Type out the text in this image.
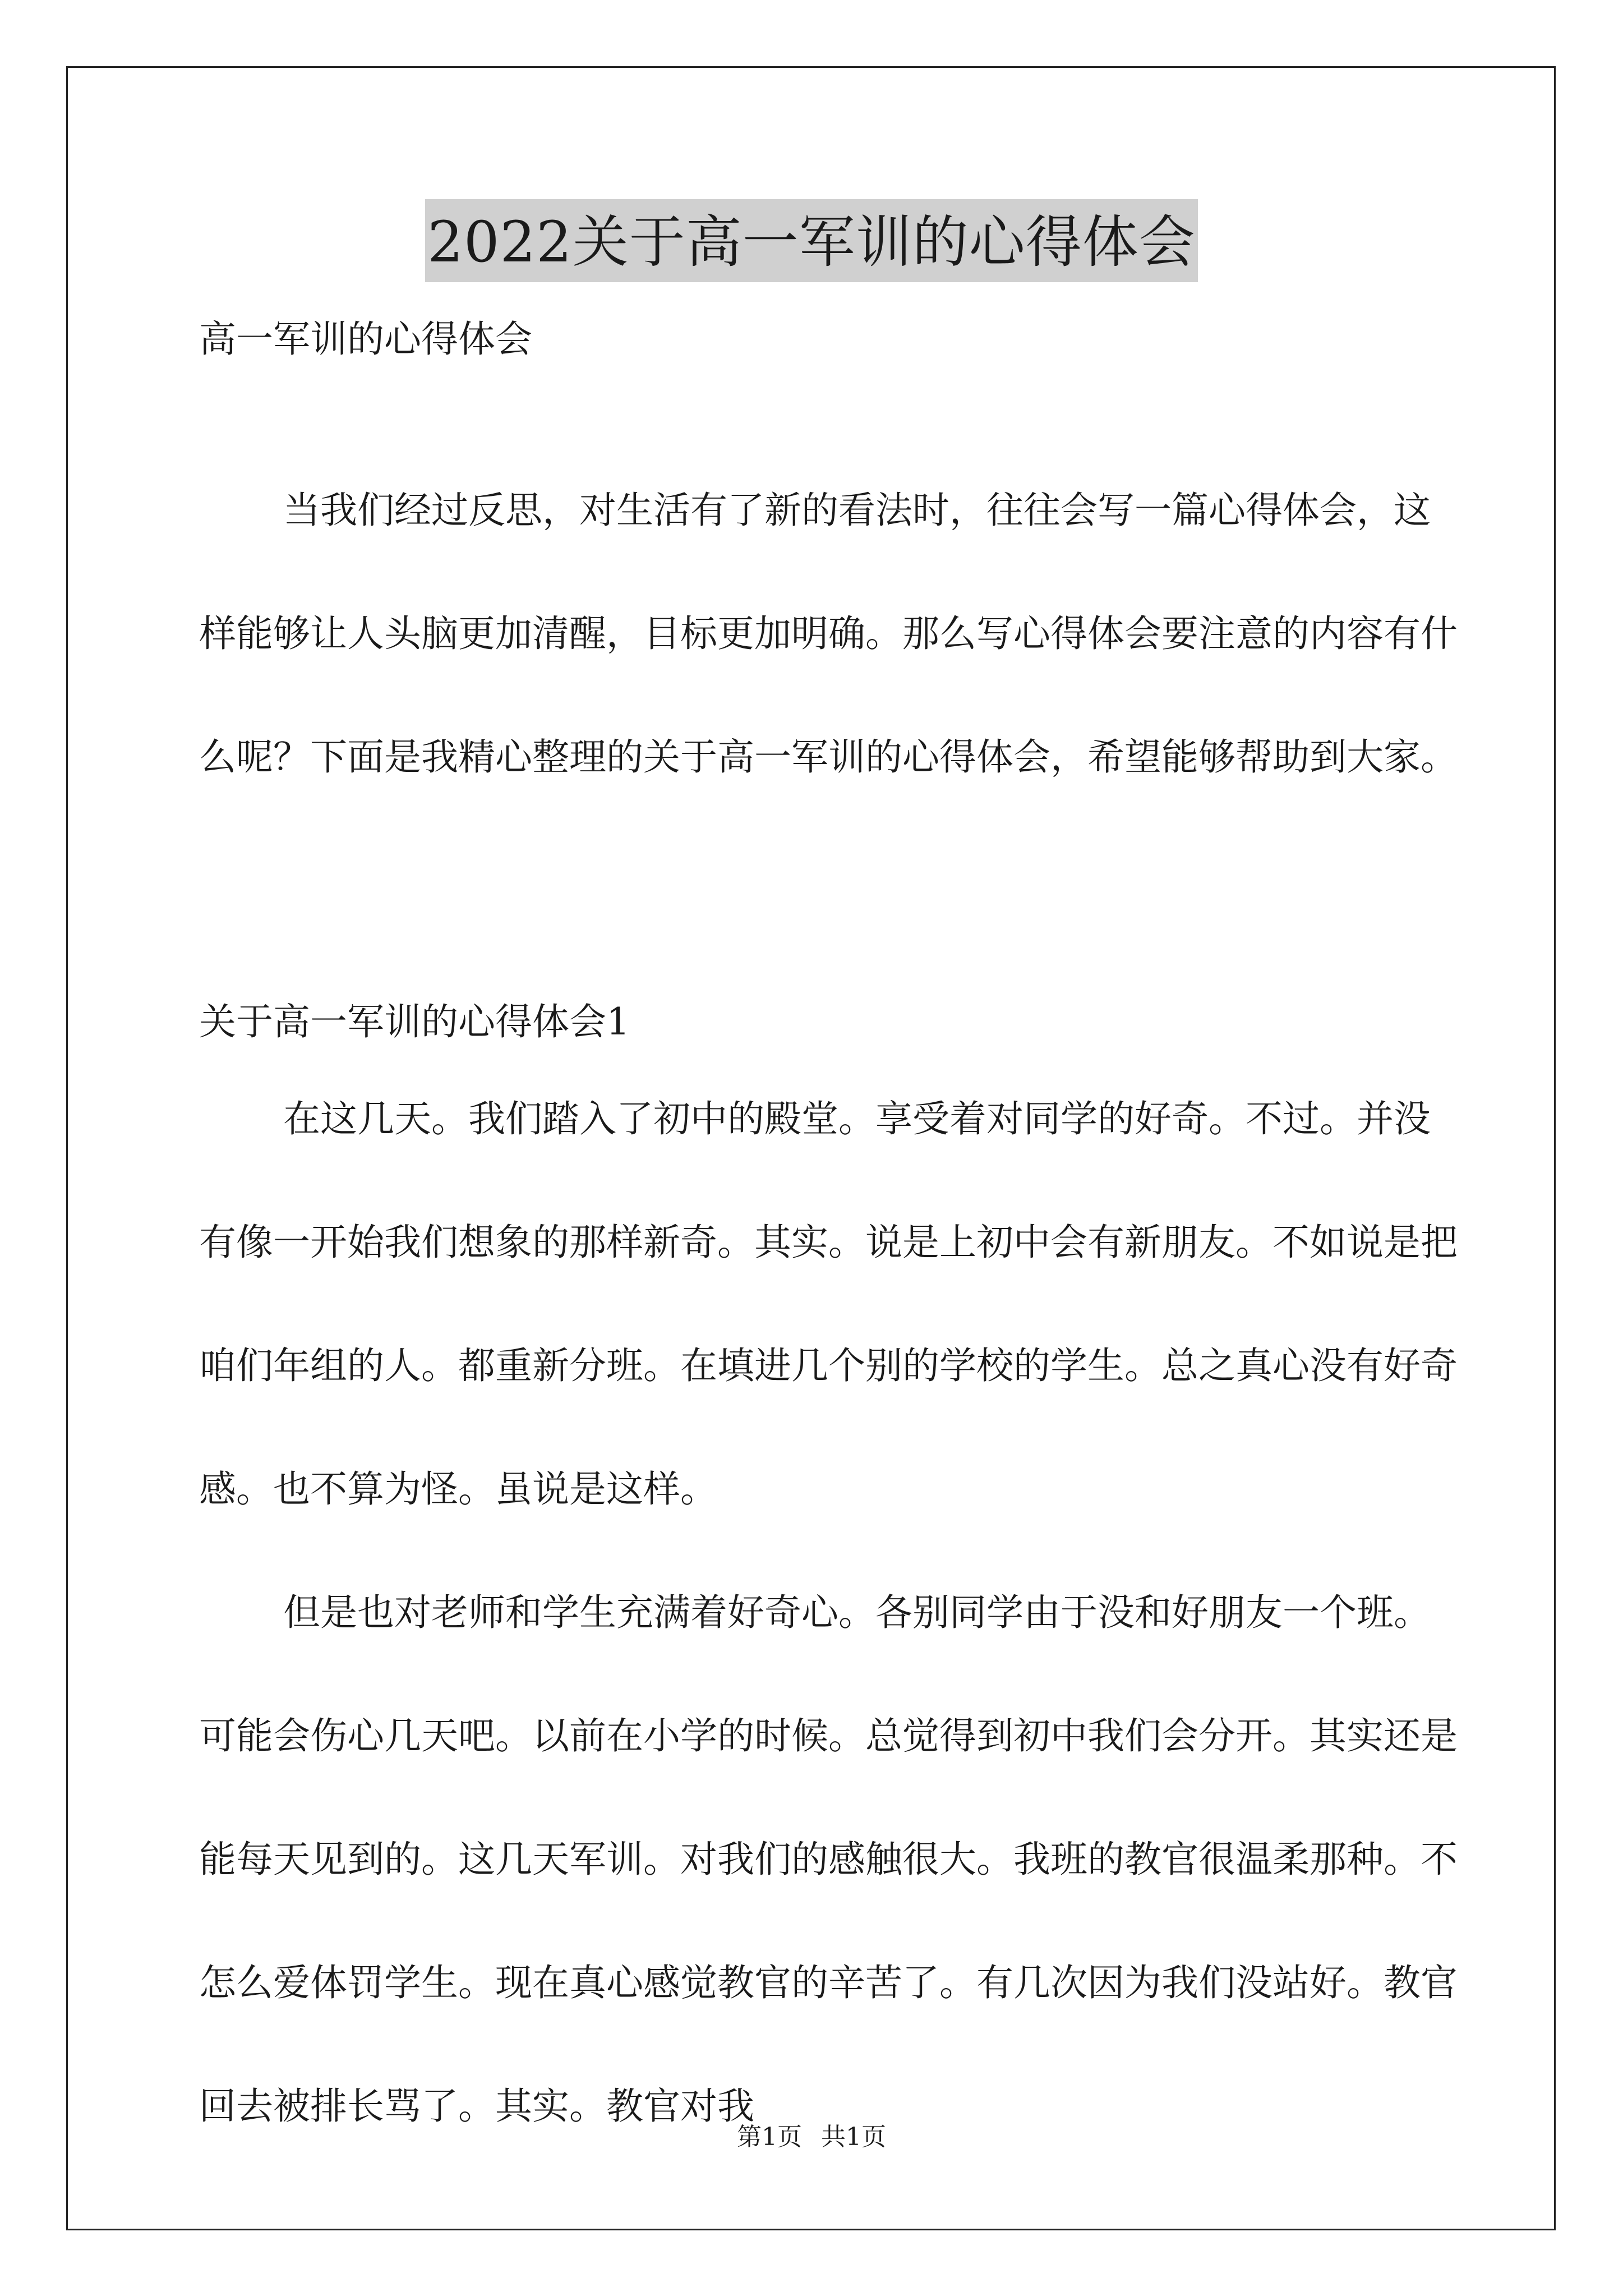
2022关于高一军训的心得体会
高一军训的心得体会

当我们经过反思，对生活有了新的看法时，往往会写一篇心得体会，这样能够让人头脑更加清醒，目标更加明确。那么写心得体会要注意的内容有什么呢？下面是我精心整理的关于高一军训的心得体会，希望能够帮助到大家。

关于高一军训的心得体会1

在这几天。我们踏入了初中的殿堂。享受着对同学的好奇。不过。并没有像一开始我们想象的那样新奇。其实。说是上初中会有新朋友。不如说是把咱们年组的人。都重新分班。在填进几个别的学校的学生。总之真心没有好奇感。也不算为怪。虽说是这样。

但是也对老师和学生充满着好奇心。各别同学由于没和好朋友一个班。可能会伤心几天吧。以前在小学的时候。总觉得到初中我们会分开。其实还是能每天见到的。这几天军训。对我们的感触很大。我班的教官很温柔那种。不怎么爱体罚学生。现在真心感觉教官的辛苦了。有几次因为我们没站好。教官回去被排长骂了。其实。教官对我

第1页 共1页
